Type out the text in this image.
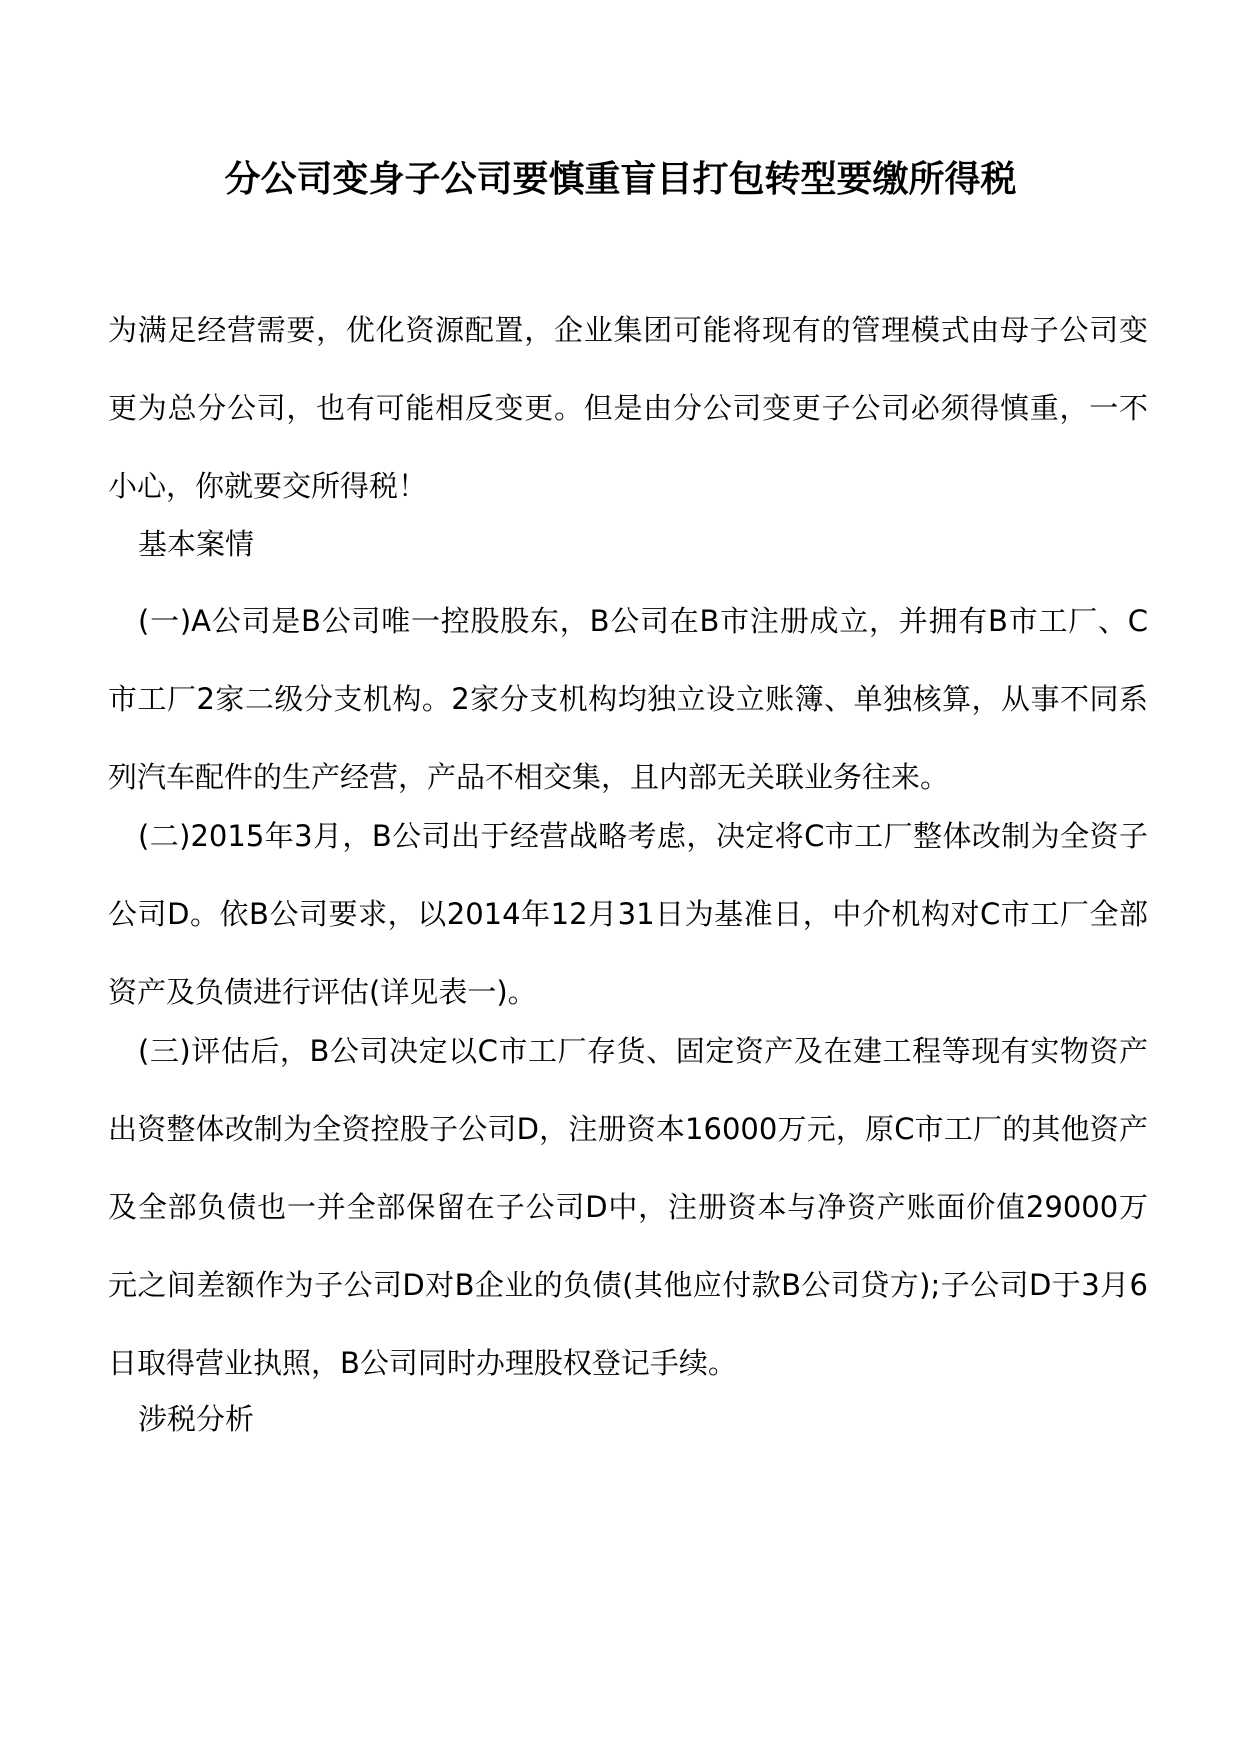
分公司变身子公司要慎重盲目打包转型要缴所得税

为满足经营需要，优化资源配置，企业集团可能将现有的管理模式由母子公司变更为总分公司，也有可能相反变更。但是由分公司变更子公司必须得慎重，一不小心，你就要交所得税！

基本案情

(一)A公司是B公司唯一控股股东，B公司在B市注册成立，并拥有B市工厂、C市工厂2家二级分支机构。2家分支机构均独立设立账簿、单独核算，从事不同系列汽车配件的生产经营，产品不相交集，且内部无关联业务往来。

(二)2015年3月，B公司出于经营战略考虑，决定将C市工厂整体改制为全资子公司D。依B公司要求，以2014年12月31日为基准日，中介机构对C市工厂全部资产及负债进行评估(详见表一)。

(三)评估后，B公司决定以C市工厂存货、固定资产及在建工程等现有实物资产出资整体改制为全资控股子公司D，注册资本16000万元，原C市工厂的其他资产及全部负债也一并全部保留在子公司D中，注册资本与净资产账面价值29000万元之间差额作为子公司D对B企业的负债(其他应付款B公司贷方);子公司D于3月6日取得营业执照，B公司同时办理股权登记手续。

涉税分析
